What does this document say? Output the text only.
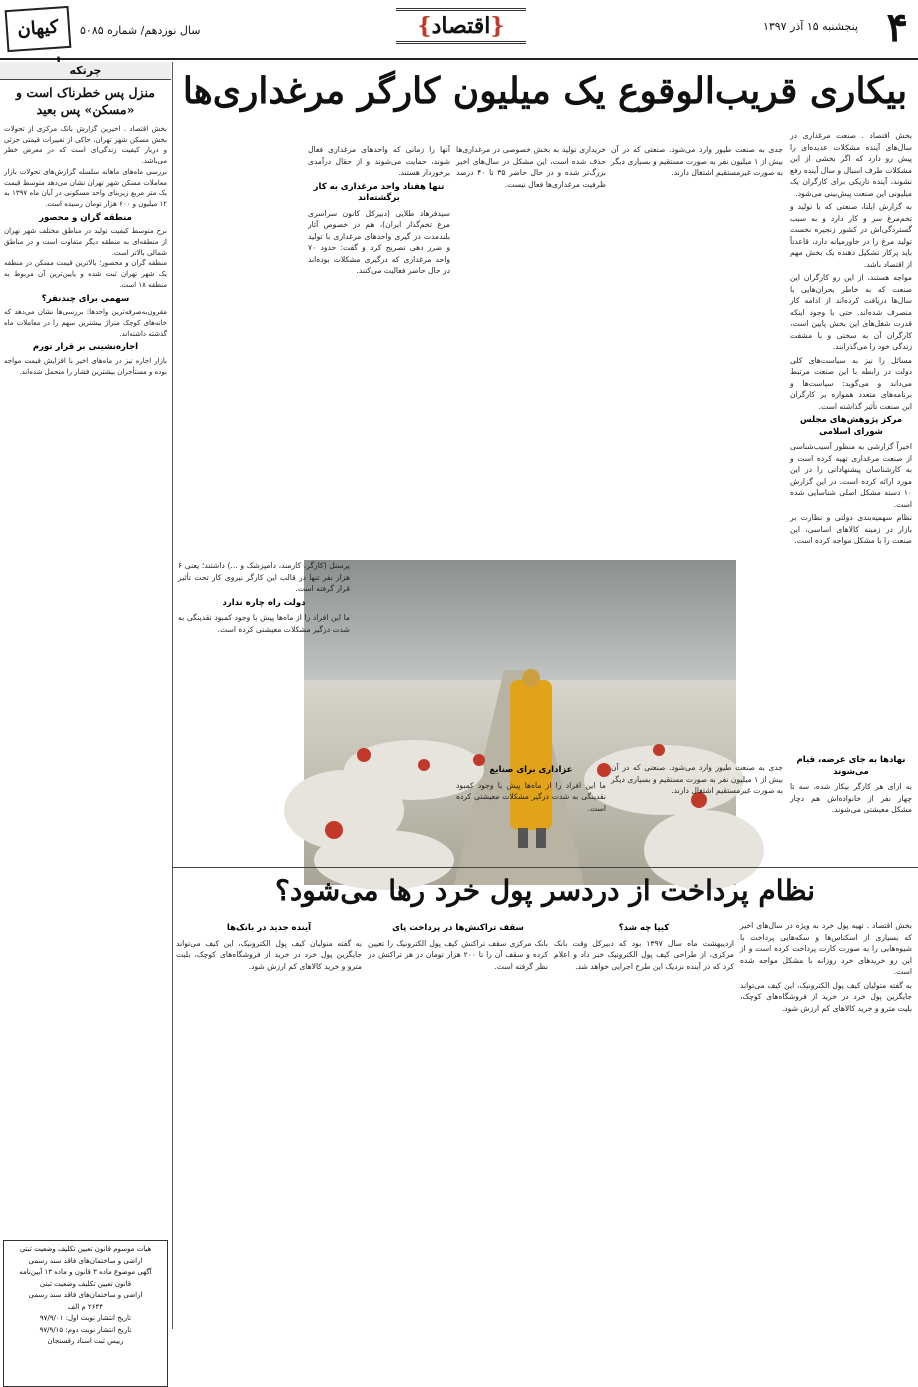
۴
پنجشنبه ۱۵ آذر ۱۳۹۷
{اقتصاد}
سال نوزدهم/ شماره ۵۰۸۵
کیهان
بیکاری قریب‌الوقوع یک میلیون کارگر مرغداری‌ها

بخش اقتصاد . صنعت مرغداری در سال‌های آینده مشکلات عدیده‌ای را پیش رو دارد که اگر بخشی از این مشکلات طرف اسبال و سال آینده رفع نشوند، آینده تاریکی برای کارگران یک میلیونی این صنعت پیش‌بینی می‌شود.

به گزارش ایلنا، صنعتی که با تولید و تخم‌مرغ سر و کار دارد و به سبب گستردگی‌اش در کشور زنجیره نخست تولید مرغ را در خاورمیانه دارد، قاعدتاً باید پرکار تشکیل دهنده یک بخش مهم از اقتصاد باشد.

مواجه هستند، از این رو کارگران این صنعت که به خاطر بحران‌هایی با سال‌ها دریافت کرده‌اند از ادامه کار منصرف شده‌اند. حتی با وجود اینکه قدرت شغل‌های این بخش پایین است، کارگران آن به سختی و با مشقت زندگی خود را می‌گذرانند.

مسائل را نیز به سیاست‌های کلی دولت در رابطه با این صنعت مرتبط می‌داند و می‌گوید: سیاست‌ها و برنامه‌های متعدد همواره بر کارگران این صنعت تأثیر گذاشته است.

مرکز پژوهش‌های مجلس شورای اسلامی

اخیراً گزارشی به منظور آسیب‌شناسی از صنعت مرغداری تهیه کرده است و به کارشناسان پیشنهاداتی را در این مورد ارائه کرده است. در این گزارش ۱۰ دسته مشکل اصلی شناسایی شده است.

نظام سهمیه‌بندی دولتی و نظارت بر بازار در زمینه کالاهای اساسی، این صنعت را با مشکل مواجه کرده است.

جدی به صنعت طیور وارد می‌شود. صنعتی که در آن بیش از ۱ میلیون نفر به صورت مستقیم و بسیاری دیگر به صورت غیرمستقیم اشتغال دارند.

خریداری تولید به بخش خصوصی در مرغداری‌ها حذف شده است، این مشکل در سال‌های اخیر بزرگ‌تر شده و در حال حاضر ۳۵ تا ۴۰ درصد ظرفیت مرغداری‌ها فعال نیست.

آنها را زمانی که واحدهای مرغداری فعال شوند، حمایت می‌شوند و از حقال درآمدی برخوردار هستند.

تنها هفتاد واحد مرغداری به کار برگشته‌اند

سیدفرهاد طلایی (دبیرکل کانون سراسری مرغ تخم‌گذار ایران)، هم در خصوص آثار بلندمدت در گیری واحدهای مرغداری با تولید و ضرر دهی تصریح کرد و گفت: حدود ۷۰ واحد مرغداری که درگیری مشکلات بوده‌اند در حال حاضر فعالیت می‌کنند.

پرسنل (کارگر، کارمند، دامپزشک و ...) داشتند؛ یعنی ۶ هزار نفر تنها در قالب این کارگر نیروی کار تحت تأثیر قرار گرفته است.

دولت راه چاره ندارد

ما این افراد را از ماه‌ها پیش با وجود کمبود نقدینگی به شدت درگیر مشکلات معیشتی کرده است.

نهادها به جای عرضه، قیام می‌شوند

به ازای هر کارگر بیکار شده، سه تا چهار نفر از خانواده‌اش هم دچار مشکل معیشتی می‌شوند.

جدی به صنعت طیور وارد می‌شود. صنعتی که در آن بیش از ۱ میلیون نفر به صورت مستقیم و بسیاری دیگر به صورت غیرمستقیم اشتغال دارند.

عزاداری برای صنایع

ما این افراد را از ماه‌ها پیش با وجود کمبود نقدینگی به شدت درگیر مشکلات معیشتی کرده است.

نظام پرداخت از دردسر پول خرد رها می‌شود؟

بخش اقتصاد . تهیه پول خرد به ویژه در سال‌های اخیر که بسیاری از اسکناس‌ها و سکه‌هایی پرداخت با شیوه‌هایی را به صورت کارت پرداخت کرده است و از این رو خریدهای خرد روزانه با مشکل مواجه شده است.

به گفته متولیان کیف پول الکترونیک، این کیف می‌تواند جایگزین پول خرد در خرید از فروشگاه‌های کوچک، بلیت مترو و خرید کالاهای کم ارزش شود.

کیپا چه شد؟

اردیبهشت ماه سال ۱۳۹۷ بود که دبیرکل وقت بانک مرکزی، از طراحی کیف پول الکترونیک خبر داد و اعلام کرد که در آینده نزدیک این طرح اجرایی خواهد شد.

سقف تراکنش‌ها در پرداخت پای

بانک مرکزی سقف تراکنش کیف پول الکترونیک را تعیین کرده و سقف آن را تا ۲۰۰ هزار تومان در هر تراکنش در نظر گرفته است.

آینده جدید در بانک‌ها

به گفته متولیان کیف پول الکترونیک، این کیف می‌تواند جایگزین پول خرد در خرید از فروشگاه‌های کوچک، بلیت مترو و خرید کالاهای کم ارزش شود.

چرتکه
منزل پس خطرناک است و «مسکن» پس بعید

بخش اقتصاد . اخیرین گزارش بانک مرکزی از تحولات بخش مسکن شهر تهران، حاکی از تغییرات قیمتی جزئی و دربار کیفیت زندگی‌ای است که در معرض خطر می‌باشد.

بررسی ماه‌های ماهانه سلسله گزارش‌های تحولات بازار معاملات مسکن شهر تهران نشان می‌دهد متوسط قیمت یک متر مربع زیربنای واحد مسکونی در آبان ماه ۱۳۹۷ به ۱۲ میلیون و ۶۰۰ هزار تومان رسیده است.

منطقه گران و محصور

نرخ متوسط کیفیت تولید در مناطق مختلف شهر تهران از منطقه‌ای به منطقه دیگر متفاوت است و در مناطق شمالی بالاتر است.

منطقه گران و محصور؛ بالاترین قیمت مسکن در منطقه یک شهر تهران ثبت شده و پایین‌ترین آن مربوط به منطقه ۱۸ است.

سهمی برای چندنفر؟

مقرون‌به‌صرفه‌ترین واحدها: بررسی‌ها نشان می‌دهد که خانه‌های کوچک متراژ بیشترین سهم را در معاملات ماه گذشته داشته‌اند.

اجاره‌نشینی بر قرار تورم

بازار اجاره نیز در ماه‌های اخیر با افزایش قیمت مواجه بوده و مستأجران بیشترین فشار را متحمل شده‌اند.

هیات موسوم قانون تعیین تکلیف وضعیت ثبتی
اراضی و ساختمان‌های فاقد سند رسمی
آگهی موضوع ماده ۳ قانون و ماده ۱۳ آیین‌نامه
قانون تعیین تکلیف وضعیت ثبتی
اراضی و ساختمان‌های فاقد سند رسمی
۲۶۴۴ م الف
تاریخ انتشار نوبت اول: ۹۷/۹/۰۱
تاریخ انتشار نوبت دوم: ۹۷/۹/۱۵
رییس ثبت اسناد رفسنجان
